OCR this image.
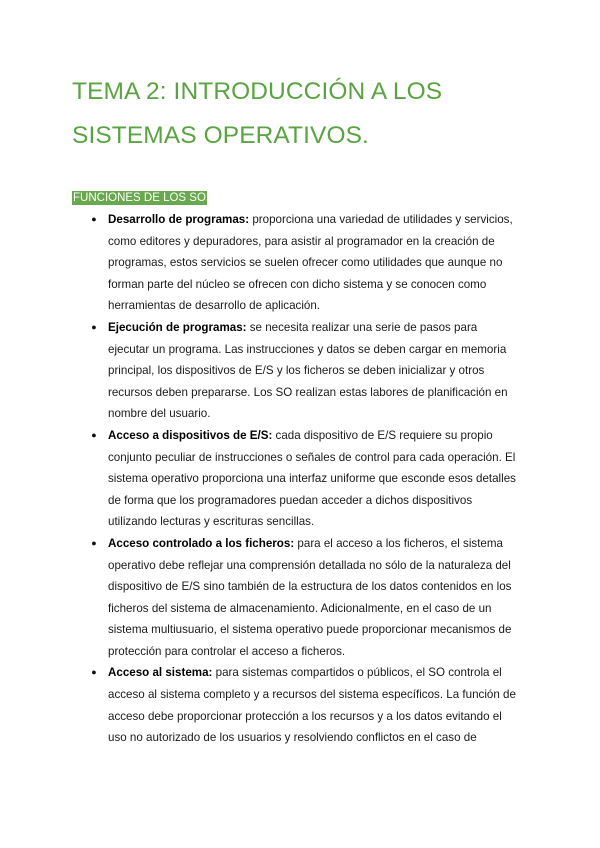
TEMA 2: INTRODUCCIÓN A LOS SISTEMAS OPERATIVOS.
FUNCIONES DE LOS SO
● Desarrollo de programas: proporciona una variedad de utilidades y servicios, como editores y depuradores, para asistir al programador en la creación de programas, estos servicios se suelen ofrecer como utilidades que aunque no forman parte del núcleo se ofrecen con dicho sistema y se conocen como herramientas de desarrollo de aplicación.
● Ejecución de programas: se necesita realizar una serie de pasos para ejecutar un programa. Las instrucciones y datos se deben cargar en memoria principal, los dispositivos de E/S y los ficheros se deben inicializar y otros recursos deben prepararse. Los SO realizan estas labores de planificación en nombre del usuario.
● Acceso a dispositivos de E/S: cada dispositivo de E/S requiere su propio conjunto peculiar de instrucciones o señales de control para cada operación. El sistema operativo proporciona una interfaz uniforme que esconde esos detalles de forma que los programadores puedan acceder a dichos dispositivos utilizando lecturas y escrituras sencillas.
● Acceso controlado a los ficheros: para el acceso a los ficheros, el sistema operativo debe reflejar una comprensión detallada no sólo de la naturaleza del dispositivo de E/S sino también de la estructura de los datos contenidos en los ficheros del sistema de almacenamiento. Adicionalmente, en el caso de un sistema multiusuario, el sistema operativo puede proporcionar mecanismos de protección para controlar el acceso a ficheros.
● Acceso al sistema: para sistemas compartidos o públicos, el SO controla el acceso al sistema completo y a recursos del sistema específicos. La función de acceso debe proporcionar protección a los recursos y a los datos evitando el uso no autorizado de los usuarios y resolviendo conflictos en el caso de
